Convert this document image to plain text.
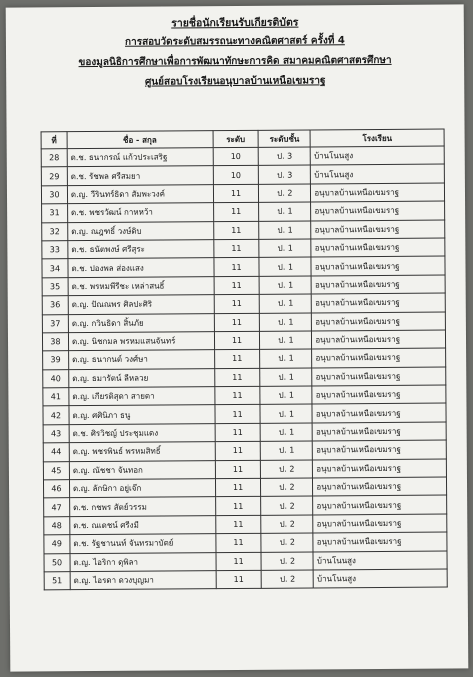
รายชื่อนักเรียนรับเกียรติบัตร
การสอบวัดระดับสมรรถนะทางคณิตศาสตร์ ครั้งที่ 4
ของมูลนิธิการศึกษาเพื่อการพัฒนาทักษะการคิด สมาคมคณิตศาสตรศึกษา
ศูนย์สอบโรงเรียนอนุบาลบ้านเหนือเขมราฐ
ที่	ชื่อ - สกุล	ระดับ	ระดับชั้น	โรงเรียน
28	ด.ช. ธนากรณ์ แก้วประเสริฐ	10	ป. 3	บ้านโนนสูง
29	ด.ช. รัชพล ศรีสมยา	10	ป. 3	บ้านโนนสูง
30	ด.ญ. วีรินทร์ธิดา สัมพะวงค์	11	ป. 2	อนุบาลบ้านเหนือเขมราฐ
31	ด.ช. พชรวัฒน์ กาหหว้า	11	ป. 1	อนุบาลบ้านเหนือเขมราฐ
32	ด.ญ. ณฎฑธิ์ วงษ์ดิบ	11	ป. 1	อนุบาลบ้านเหนือเขมราฐ
33	ด.ช. ธนัตพงษ์ ศรีสุระ	11	ป. 1	อนุบาลบ้านเหนือเขมราฐ
34	ด.ช. ปองพล ส่องแสง	11	ป. 1	อนุบาลบ้านเหนือเขมราฐ
35	ด.ช. พรหมพีรีชะ เหล่าสนธิ์	11	ป. 1	อนุบาลบ้านเหนือเขมราฐ
36	ด.ญ. ปัณณพร ศิลปะศิริ	11	ป. 1	อนุบาลบ้านเหนือเขมราฐ
37	ด.ญ. กวินธิดา สิ้นภัย	11	ป. 1	อนุบาลบ้านเหนือเขมราฐ
38	ด.ญ. นิชกมล พรหมแสนจันทร์	11	ป. 1	อนุบาลบ้านเหนือเขมราฐ
39	ด.ญ. ธนากนต์ วงศ์ษา	11	ป. 1	อนุบาลบ้านเหนือเขมราฐ
40	ด.ญ. ธมารัตน์ ลีหลวย	11	ป. 1	อนุบาลบ้านเหนือเขมราฐ
41	ด.ญ. เกียรติสุดา สายตา	11	ป. 1	อนุบาลบ้านเหนือเขมราฐ
42	ด.ญ. ศศินิภา ธนู	11	ป. 1	อนุบาลบ้านเหนือเขมราฐ
43	ด.ช. ศิรวิชญ์ ประชุมแดง	11	ป. 1	อนุบาลบ้านเหนือเขมราฐ
44	ด.ญ. พชรพินธ์ พรหมสิทธิ์	11	ป. 1	อนุบาลบ้านเหนือเขมราฐ
45	ด.ญ. ณัชชา จันทอก	11	ป. 2	อนุบาลบ้านเหนือเขมราฐ
46	ด.ญ. ลักษิกา อยู่เจ๊ก	11	ป. 2	อนุบาลบ้านเหนือเขมราฐ
47	ด.ช. กชพร สัตย์วรรม	11	ป. 2	อนุบาลบ้านเหนือเขมราฐ
48	ด.ช. ณเดชน์ ศรีงมี	11	ป. 2	อนุบาลบ้านเหนือเขมราฐ
49	ด.ช. รัฐชานนท์ จันทรมาบัตย์	11	ป. 2	อนุบาลบ้านเหนือเขมราฐ
50	ด.ญ. ไอริกา ดุพิลา	11	ป. 2	บ้านโนนสูง
51	ด.ญ. ไอรดา ดวงบุญมา	11	ป. 2	บ้านโนนสูง
